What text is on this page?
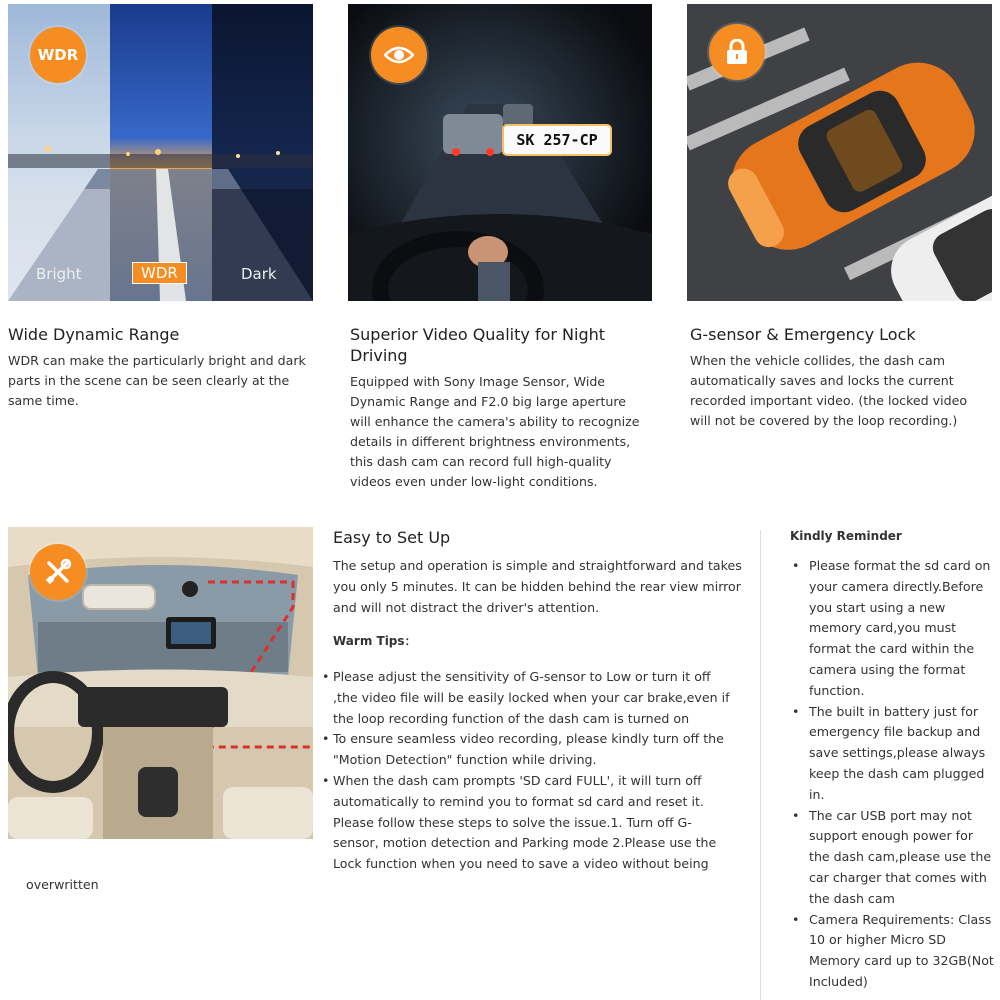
WDR
Bright	WDR	Dark
SK 257-CP
Wide Dynamic Range
WDR can make the particularly bright and dark parts in the scene can be seen clearly at the same time.
Superior Video Quality for Night Driving
Equipped with Sony Image Sensor, Wide Dynamic Range and F2.0 big large aperture will enhance the camera's ability to recognize details in different brightness environments, this dash cam can record full high-quality videos even under low-light conditions.
G-sensor & Emergency Lock
When the vehicle collides, the dash cam automatically saves and locks the current recorded important video. (the locked video will not be covered by the loop recording.)
Easy to Set Up
The setup and operation is simple and straightforward and takes you only 5 minutes. It can be hidden behind the rear view mirror and will not distract the driver's attention.
Warm Tips：
• Please adjust the sensitivity of G-sensor to Low or turn it off ,the video file will be easily locked when your car brake,even if the loop recording function of the dash cam is turned on
• To ensure seamless video recording, please kindly turn off the "Motion Detection" function while driving.
• When the dash cam prompts 'SD card FULL', it will turn off automatically to remind you to format sd card and reset it. Please follow these steps to solve the issue.1. Turn off G-sensor, motion detection and Parking mode 2.Please use the Lock function when you need to save a video without being
overwritten
Kindly Reminder
• Please format the sd card on your camera directly.Before you start using a new memory card,you must format the card within the camera using the format function.
• The built in battery just for emergency file backup and save settings,please always keep the dash cam plugged in.
• The car USB port may not support enough power for the dash cam,please use the car charger that comes with the dash cam
• Camera Requirements: Class 10 or higher Micro SD Memory card up to 32GB(Not Included)
